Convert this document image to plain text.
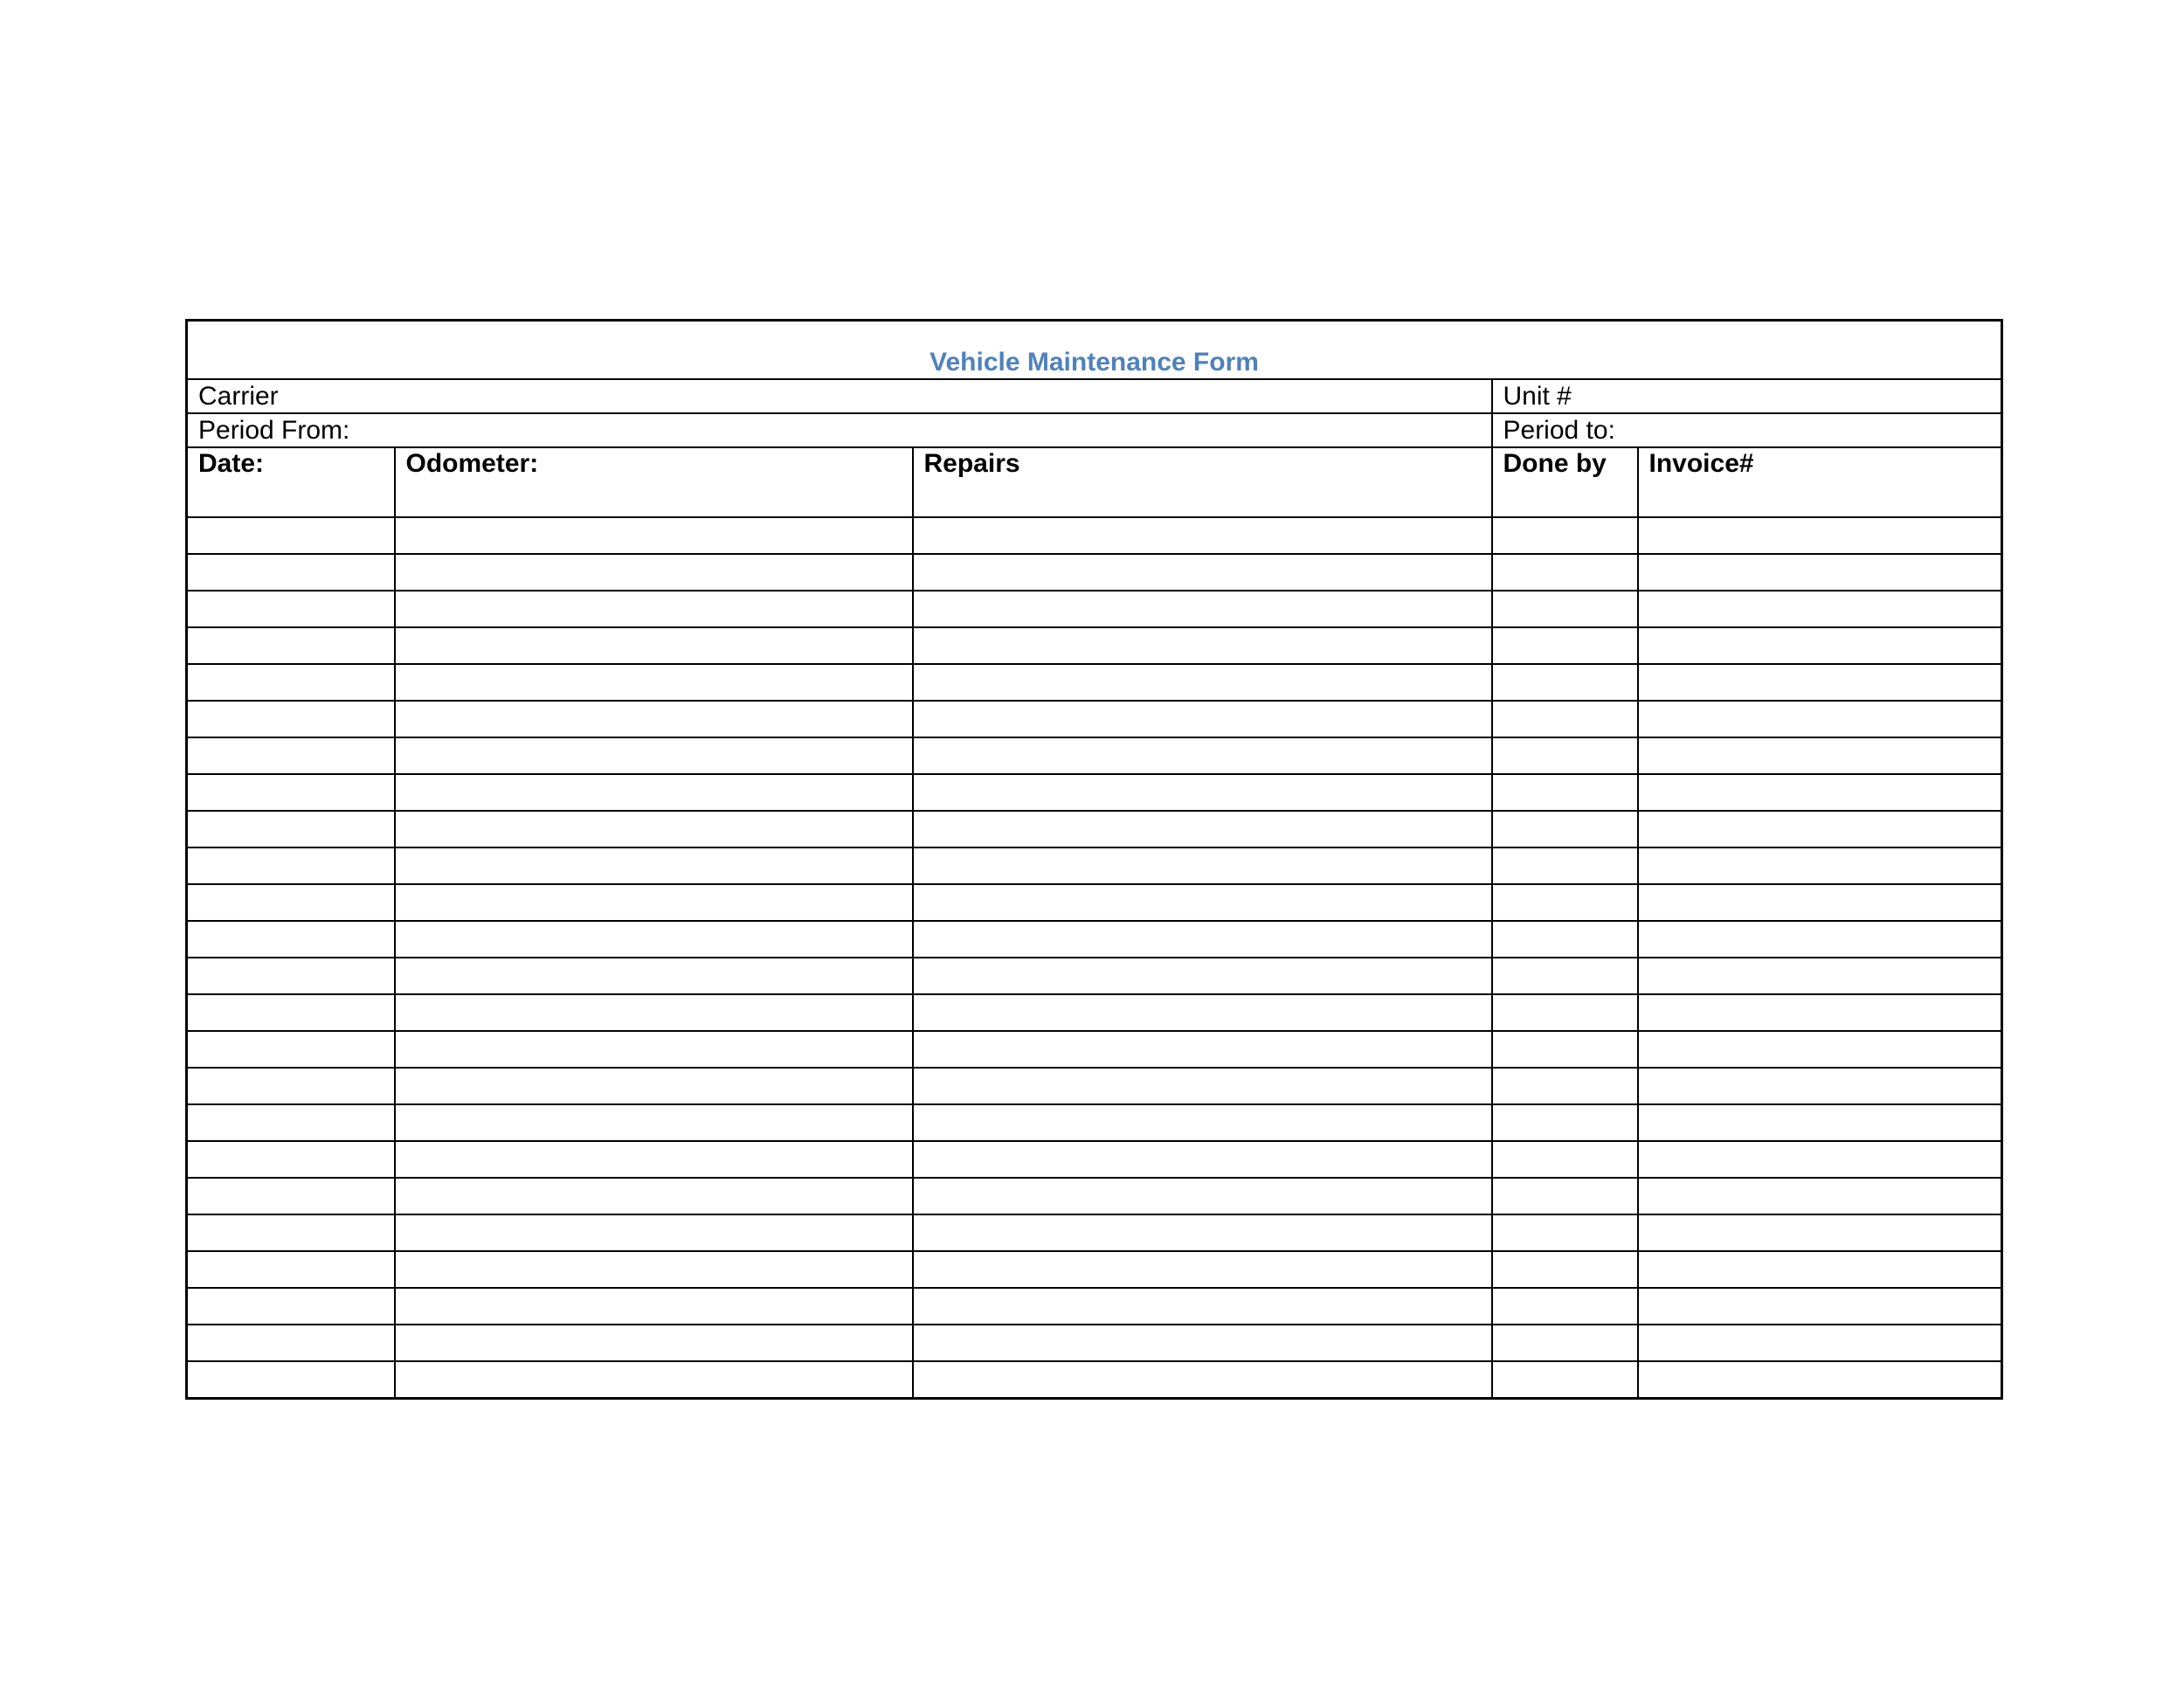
Vehicle Maintenance Form				
Carrier			Unit #	
Period From:			Period to:	
Date:	Odometer:	Repairs	Done by	Invoice#
